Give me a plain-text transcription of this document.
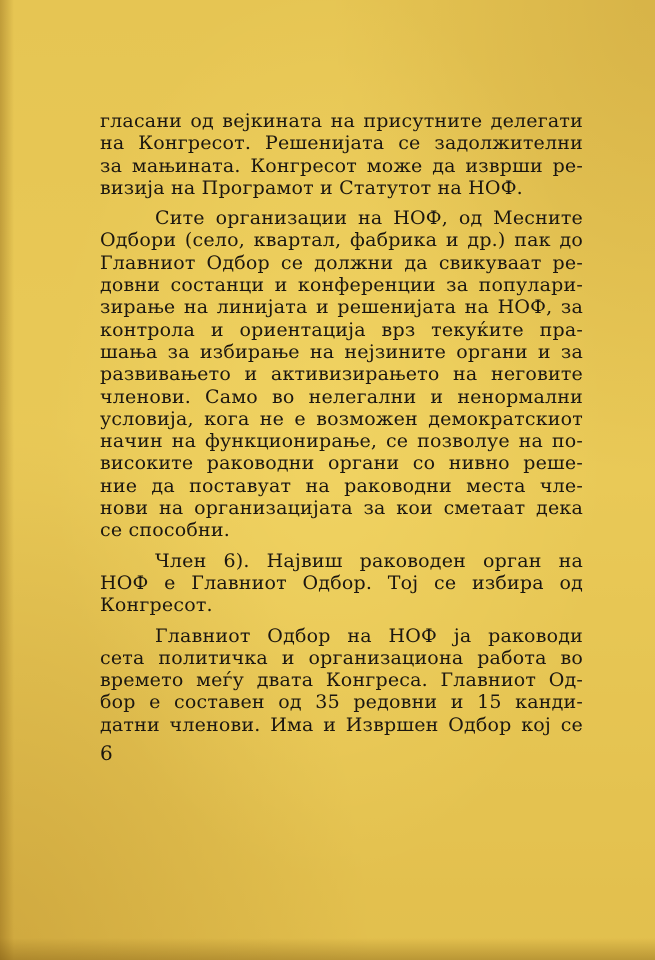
гласани од вејкината на присутните делегати
на Конгресот. Решенијата се задолжителни
за мањината. Конгресот може да изврши ре-
визија на Програмот и Статутот на НОФ.
Сите организации на НОФ, од Месните
Одбори (село, квартал, фабрика и др.) пак до
Главниот Одбор се должни да свикуваат ре-
довни состанци и конференции за популари-
зирање на линијата и решенијата на НОФ, за
контрола и ориентација врз текуќите пра-
шања за избирање на нејзините органи и за
развивањето и активизирањето на неговите
членови. Само во нелегални и ненормални
условија, кога не е возможен демократскиот
начин на функционирање, се позволуе на по-
високите раководни органи со нивно реше-
ние да поставуат на раководни места чле-
нови на организацијата за кои сметаат дека
се способни.
Член 6). Највиш раководен орган на
НОФ е Главниот Одбор. Тој се избира од
Конгресот.
Главниот Одбор на НОФ ја раководи
сета политичка и организациона работа во
времето меѓу двата Конгреса. Главниот Од-
бор е составен од 35 редовни и 15 канди-
датни членови. Има и Извршен Одбор кој се
6
